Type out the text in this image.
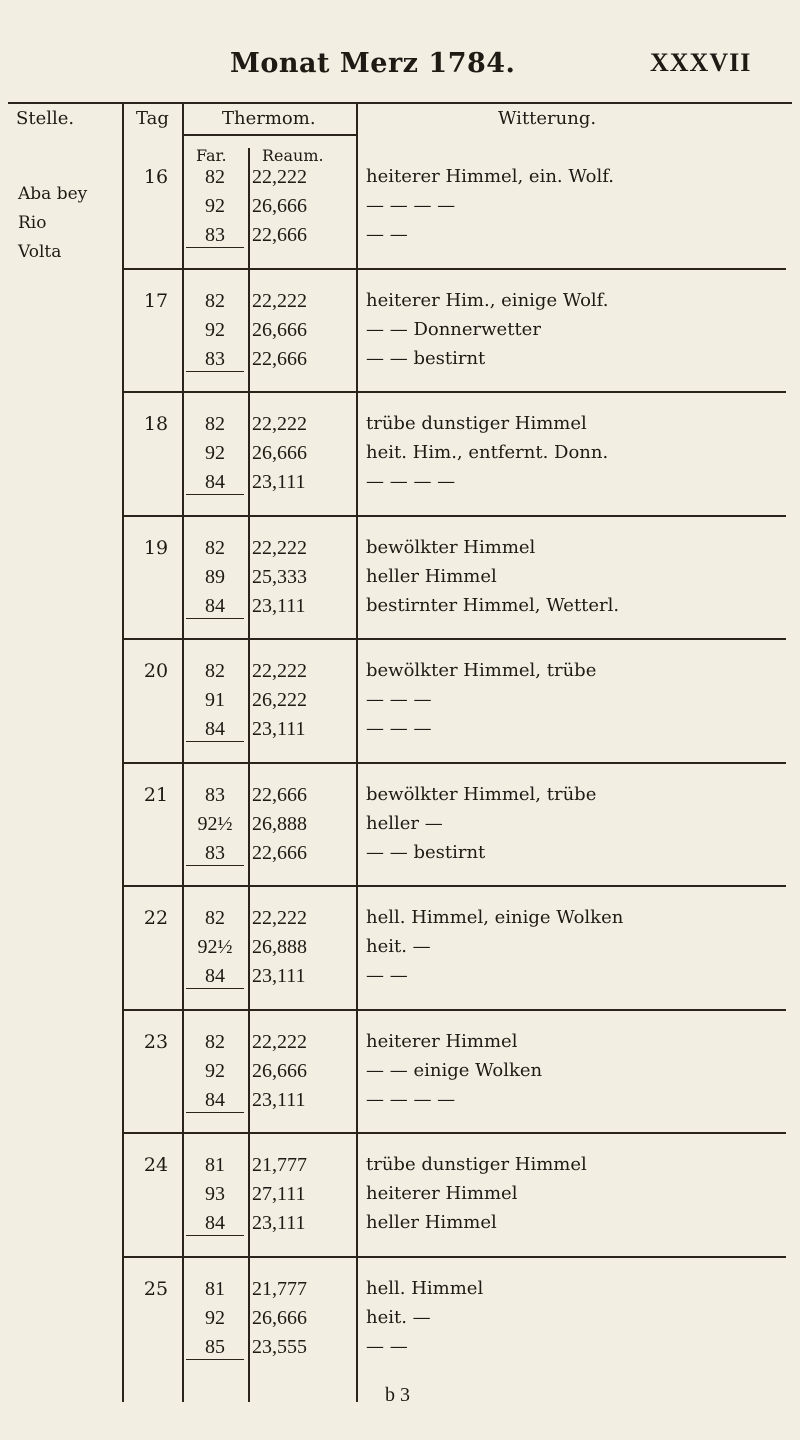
Monat Merz 1784.	XXXVII
Stelle.	Tag	Thermom.	Witterung.
Far. Reaum.
Aba bey
Rio
Volta
16	82	22,222	heiterer Himmel, ein. Wolf.
92	26,666	— — — —
83	22,666	— —
17	82	22,222	heiterer Him., einige Wolf.
92	26,666	— — Donnerwetter
83	22,666	— — bestirnt
18	82	22,222	trübe dunstiger Himmel
92	26,666	heit. Him., entfernt. Donn.
84	23,111	— — — —
19	82	22,222	bewölkter Himmel
89	25,333	heller Himmel
84	23,111	bestirnter Himmel, Wetterl.
20	82	22,222	bewölkter Himmel, trübe
91	26,222	— — —
84	23,111	— — —
21	83	22,666	bewölkter Himmel, trübe
92½ 26,888	heller —
83	22,666	— — bestirnt
22	82	22,222	hell. Himmel, einige Wolken
92½ 26,888	heit. —
84	23,111	— —
23	82	22,222	heiterer Himmel
92	26,666	— — einige Wolken
84	23,111	— — — —
24	81	21,777	trübe dunstiger Himmel
93	27,111	heiterer Himmel
84	23,111	heller Himmel
25	81	21,777	hell. Himmel
92	26,666	heit. —
85	23,555	— —
b 3
